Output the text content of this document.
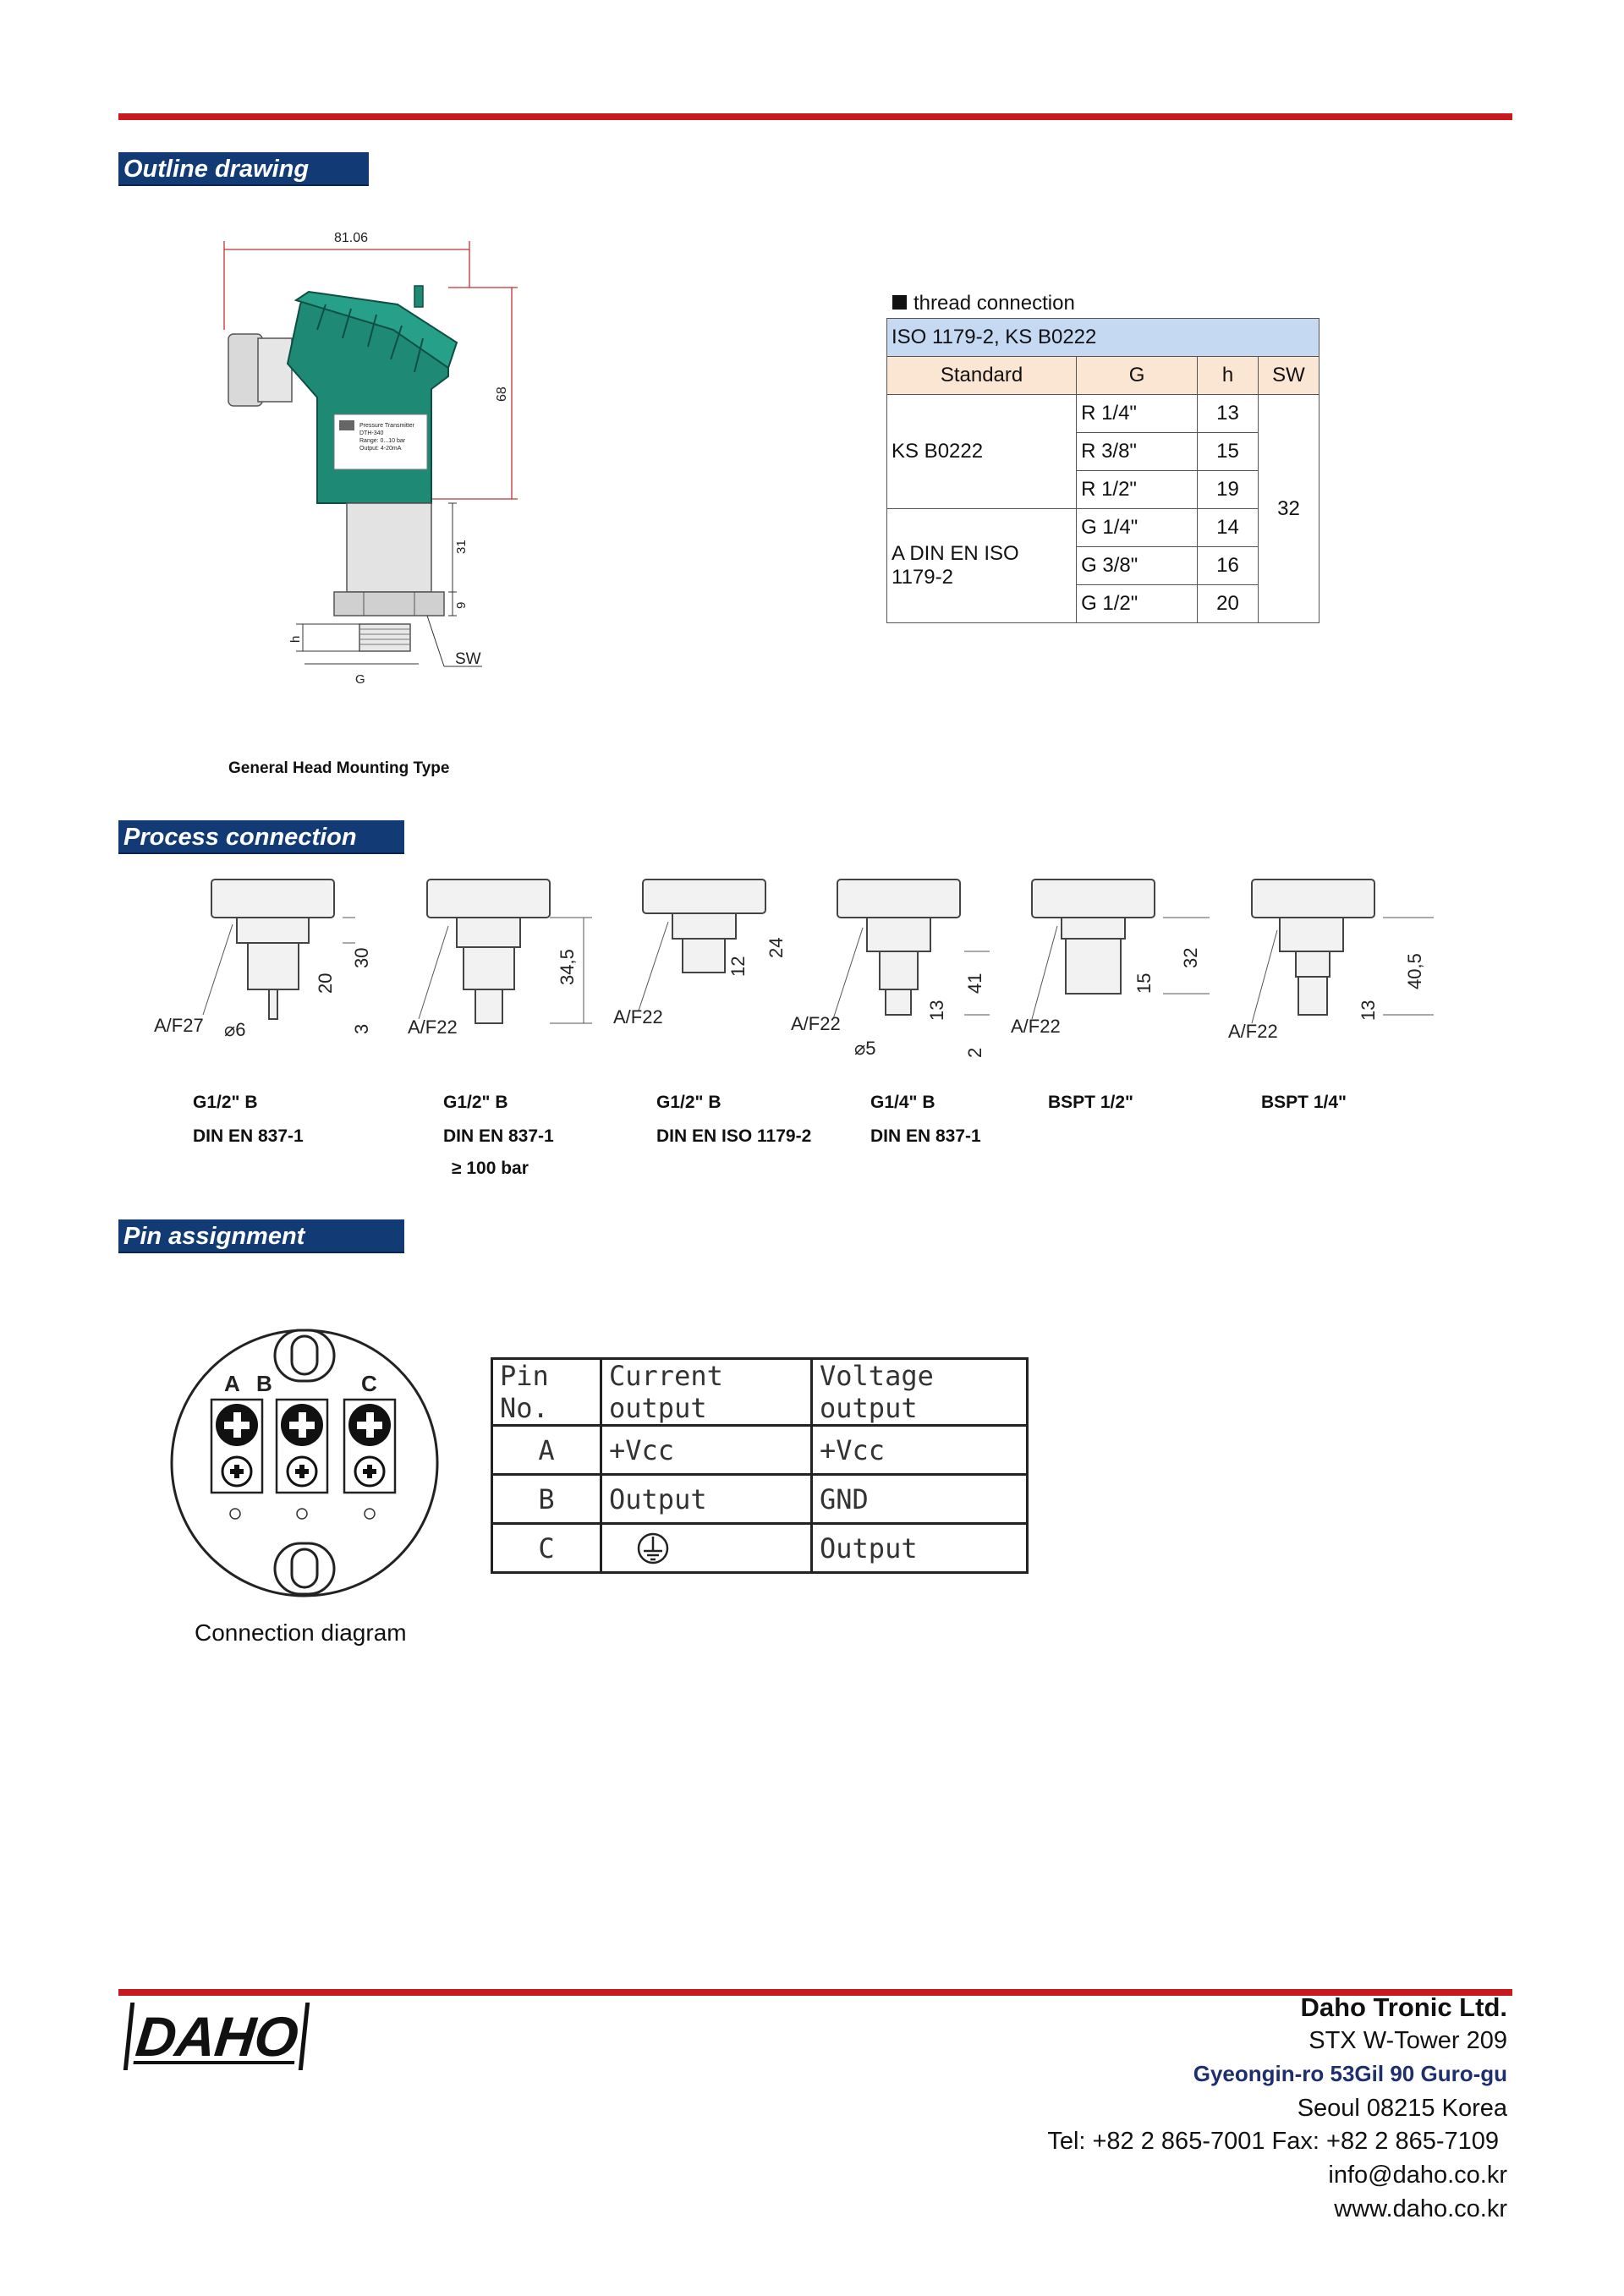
Outline drawing
81.06
68
Pressure Transmitter
DTH-340
Range: 0...10 bar
Output: 4-20mA
31
9
h
G
SW
General Head Mounting Type
thread connection
ISO 1179-2, KS B0222			
Standard	G	h	SW
KS B0222	R 1/4"	13	32
	R 3/8"	15	
	R 1/2"	19	
A DIN EN ISO 1179-2	G 1/4"	14	
	G 3/8"	16	
	G 1/2"	20	
Process connection
A/F27 ⌀6
20
30
3 A/F22
34,5
A/F22
12
24
A/F22
⌀5
13
41
2
A/F22
15
32
A/F22
13
40,5
G1/2" B
DIN EN 837-1
G1/2" B
DIN EN 837-1
≥ 100 bar
G1/2" B
DIN EN ISO 1179-2
G1/4" B
DIN EN 837-1
BSPT 1/2"	BSPT 1/4"
Pin assignment
A B	C
Connection diagram
Pin No.	Current output	Voltage output
A	+Vcc	+Vcc
B	Output	GND
C		Output
DAHO	Daho Tronic Ltd.
STX W-Tower 209
Gyeongin-ro 53Gil 90 Guro-gu
Seoul 08215 Korea
Tel: +82 2 865-7001 Fax: +82 2 865-7109
info@daho.co.kr
www.daho.co.kr
